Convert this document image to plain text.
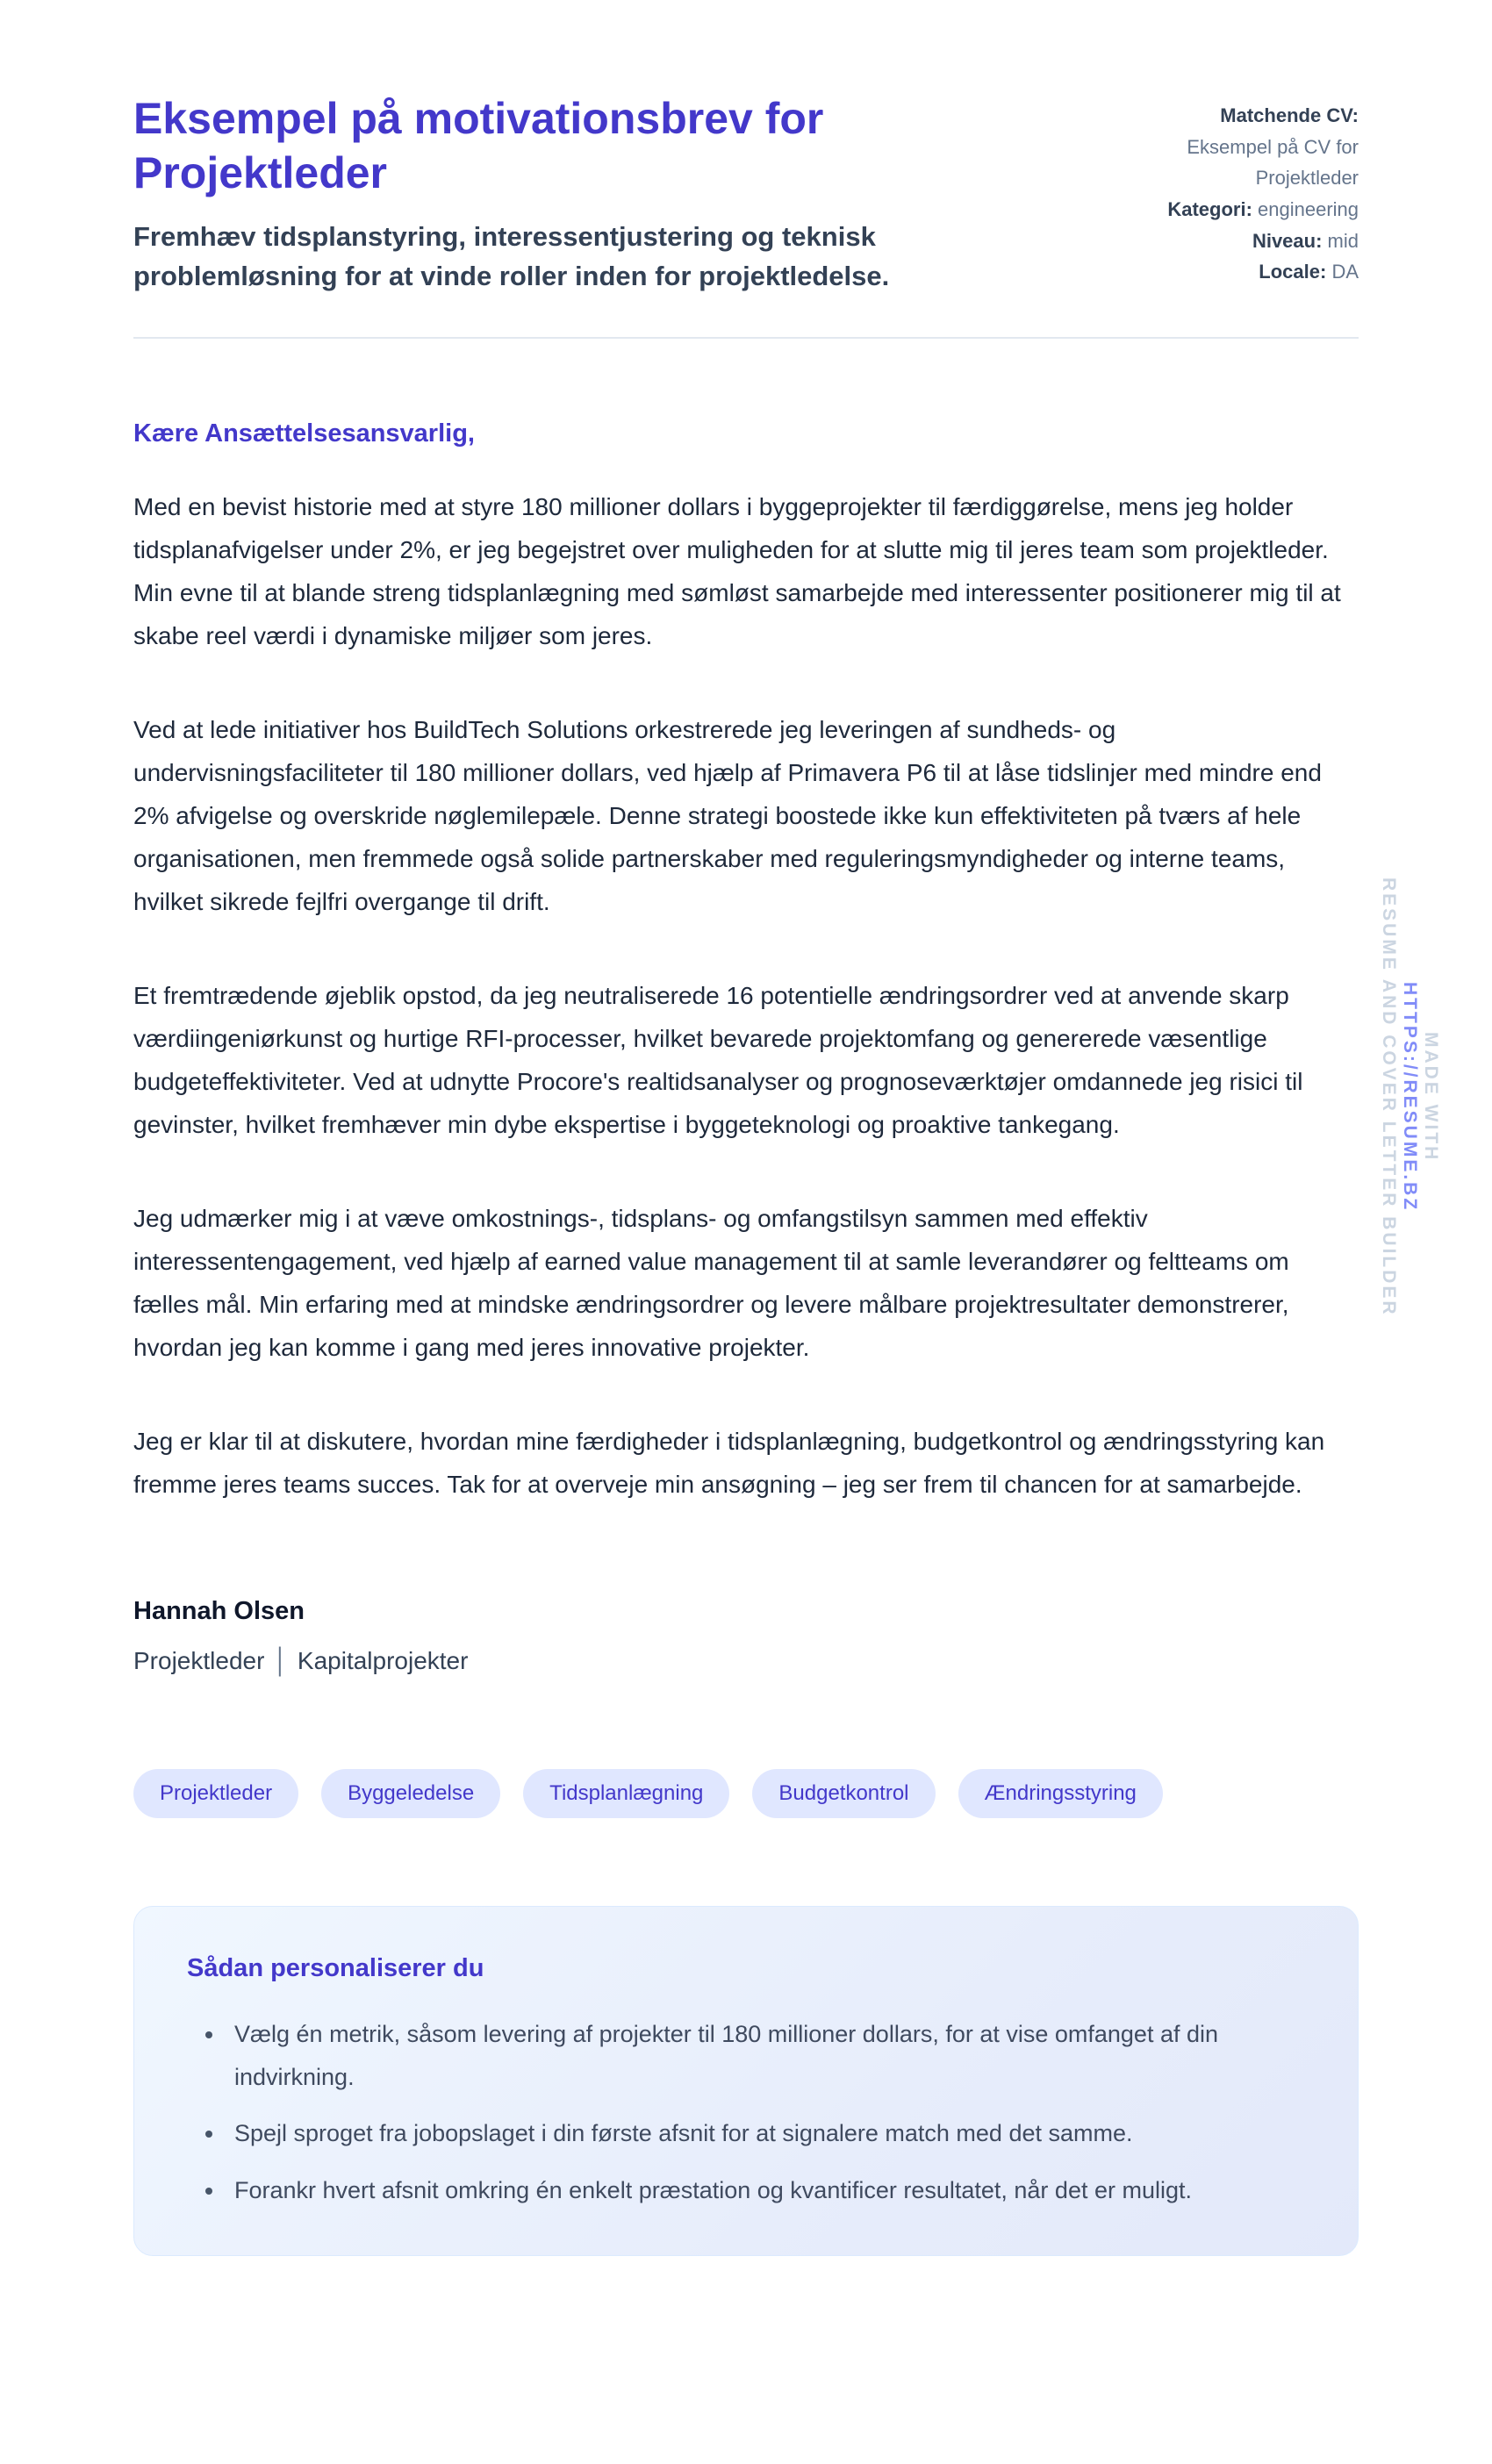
Eksempel på motivationsbrev for Projektleder

Fremhæv tidsplanstyring, interessentjustering og teknisk problemløsning for at vinde roller inden for projektledelse.

Matchende CV:
Eksempel på CV for Projektleder
Kategori: engineering
Niveau: mid
Locale: DA

Kære Ansættelsesansvarlig,

Med en bevist historie med at styre 180 millioner dollars i byggeprojekter til færdiggørelse, mens jeg holder tidsplanafvigelser under 2%, er jeg begejstret over muligheden for at slutte mig til jeres team som projektleder. Min evne til at blande streng tidsplanlægning med sømløst samarbejde med interessenter positionerer mig til at skabe reel værdi i dynamiske miljøer som jeres.

Ved at lede initiativer hos BuildTech Solutions orkestrerede jeg leveringen af sundheds- og undervisningsfaciliteter til 180 millioner dollars, ved hjælp af Primavera P6 til at låse tidslinjer med mindre end 2% afvigelse og overskride nøglemilepæle. Denne strategi boostede ikke kun effektiviteten på tværs af hele organisationen, men fremmede også solide partnerskaber med reguleringsmyndigheder og interne teams, hvilket sikrede fejlfri overgange til drift.

Et fremtrædende øjeblik opstod, da jeg neutraliserede 16 potentielle ændringsordrer ved at anvende skarp værdiingeniørkunst og hurtige RFI-processer, hvilket bevarede projektomfang og genererede væsentlige budgeteffektiviteter. Ved at udnytte Procore's realtidsanalyser og prognoseværktøjer omdannede jeg risici til gevinster, hvilket fremhæver min dybe ekspertise i byggeteknologi og proaktive tankegang.

Jeg udmærker mig i at væve omkostnings-, tidsplans- og omfangstilsyn sammen med effektiv interessentengagement, ved hjælp af earned value management til at samle leverandører og feltteams om fælles mål. Min erfaring med at mindske ændringsordrer og levere målbare projektresultater demonstrerer, hvordan jeg kan komme i gang med jeres innovative projekter.

Jeg er klar til at diskutere, hvordan mine færdigheder i tidsplanlægning, budgetkontrol og ændringsstyring kan fremme jeres teams succes. Tak for at overveje min ansøgning – jeg ser frem til chancen for at samarbejde.

Hannah Olsen

Projektleder │ Kapitalprojekter

Projektleder	Byggeledelse	Tidsplanlægning	Budgetkontrol	Ændringsstyring
Sådan personaliserer du
• Vælg én metrik, såsom levering af projekter til 180 millioner dollars, for at vise omfanget af din indvirkning.
• Spejl sproget fra jobopslaget i din første afsnit for at signalere match med det samme.
• Forankr hvert afsnit omkring én enkelt præstation og kvantificer resultatet, når det er muligt.
MADE WITH
HTTPS://RESUME.BZ
RESUME AND COVER LETTER BUILDER
